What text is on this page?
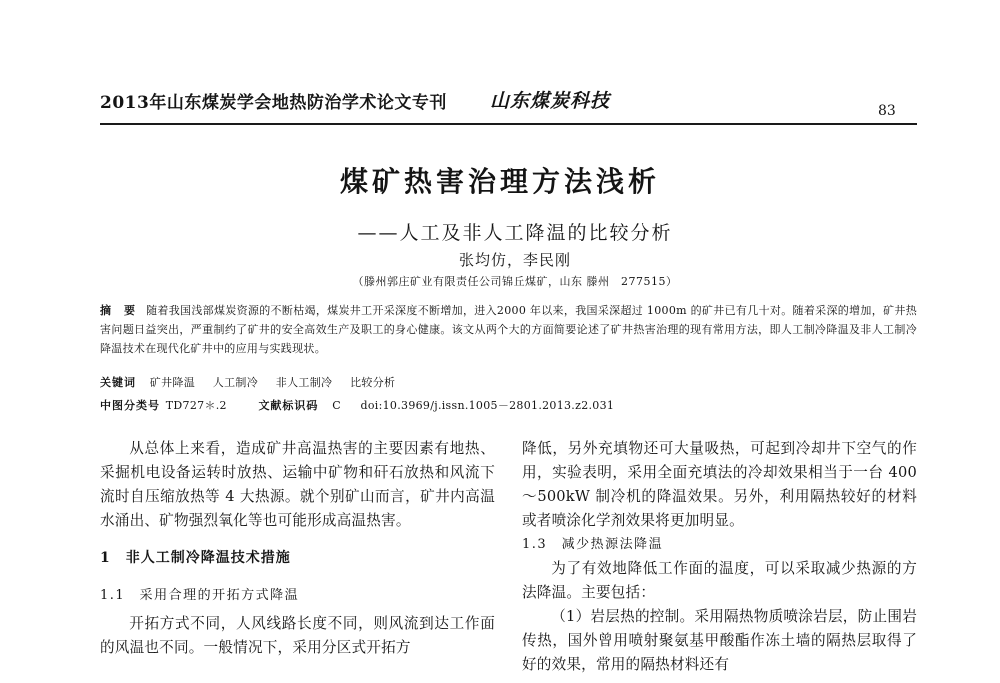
2013年山东煤炭学会地热防治学术论文专刊 山东煤炭科技	83
煤矿热害治理方法浅析
——人工及非人工降温的比较分析
张均仿，李民刚
（滕州郭庄矿业有限责任公司锦丘煤矿，山东 滕州　277515）
摘　要 随着我国浅部煤炭资源的不断枯竭，煤炭井工开采深度不断增加，进入2000 年以来，我国采深超过 1000m 的矿井已有几十对。随着采深的增加，矿井热害问题日益突出，严重制约了矿井的安全高效生产及职工的身心健康。该文从两个大的方面简要论述了矿井热害治理的现有常用方法，即人工制冷降温及非人工制冷降温技术在现代化矿井中的应用与实践现状。
关键词 矿井降温 人工制冷 非人工制冷 比较分析
中图分类号 TD727＊.2	文献标识码 C doi:10.3969/j.issn.1005－2801.2013.z2.031

从总体上来看，造成矿井高温热害的主要因素有地热、采掘机电设备运转时放热、运输中矿物和矸石放热和风流下流时自压缩放热等 4 大热源。就个别矿山而言，矿井内高温水涌出、矿物强烈氧化等也可能形成高温热害。

1　非人工制冷降温技术措施

1.1　采用合理的开拓方式降温

开拓方式不同，人风线路长度不同，则风流到达工作面的风温也不同。一般情况下，采用分区式开拓方

降低，另外充填物还可大量吸热，可起到冷却井下空气的作用，实验表明，采用全面充填法的冷却效果相当于一台 400～500kW 制冷机的降温效果。另外，利用隔热较好的材料或者喷涂化学剂效果将更加明显。

1.3　减少热源法降温

为了有效地降低工作面的温度，可以采取减少热源的方法降温。主要包括：

（1）岩层热的控制。采用隔热物质喷涂岩层，防止围岩传热，国外曾用喷射聚氨基甲酸酯作冻土墙的隔热层取得了好的效果，常用的隔热材料还有
